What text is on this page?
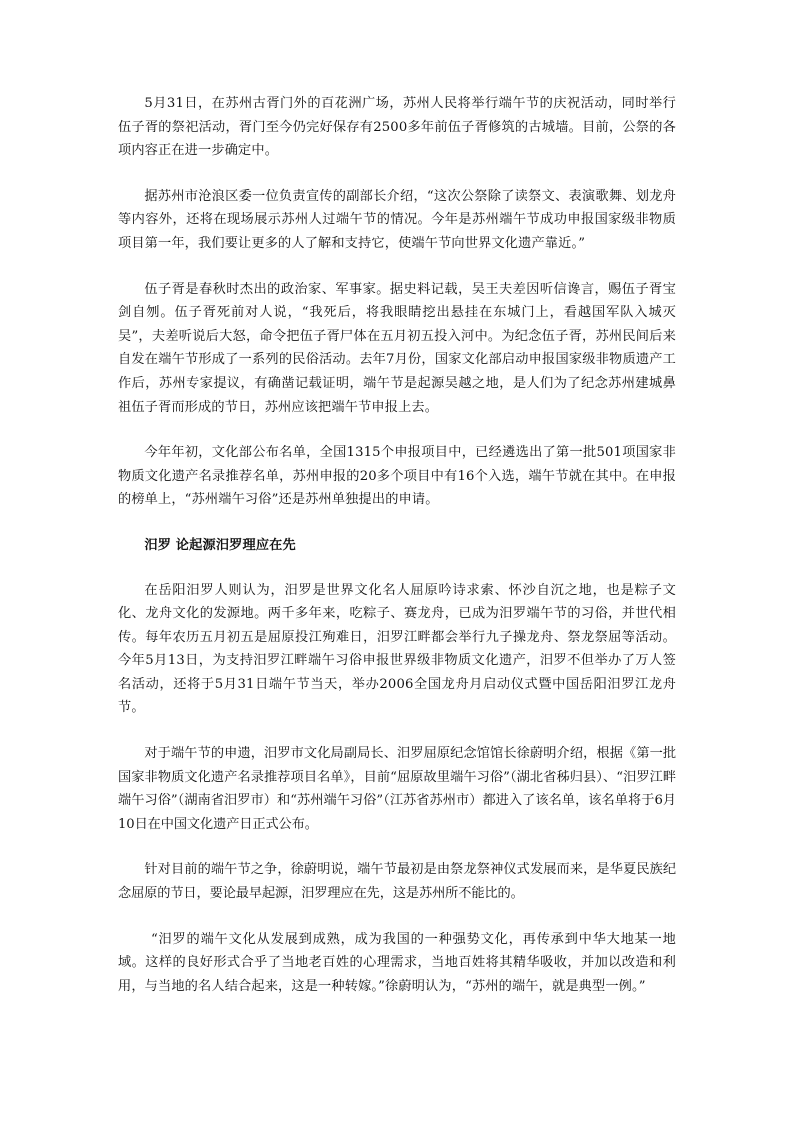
5月31日，在苏州古胥门外的百花洲广场，苏州人民将举行端午节的庆祝活动，同时举行伍子胥的祭祀活动，胥门至今仍完好保存有2500多年前伍子胥修筑的古城墙。目前，公祭的各项内容正在进一步确定中。

据苏州市沧浪区委一位负责宣传的副部长介绍，“这次公祭除了读祭文、表演歌舞、划龙舟等内容外，还将在现场展示苏州人过端午节的情况。今年是苏州端午节成功申报国家级非物质项目第一年，我们要让更多的人了解和支持它，使端午节向世界文化遗产靠近。”

伍子胥是春秋时杰出的政治家、军事家。据史料记载，吴王夫差因听信谗言，赐伍子胥宝剑自刎。伍子胥死前对人说，“我死后，将我眼睛挖出悬挂在东城门上，看越国军队入城灭吴”，夫差听说后大怒，命令把伍子胥尸体在五月初五投入河中。为纪念伍子胥，苏州民间后来自发在端午节形成了一系列的民俗活动。去年7月份，国家文化部启动申报国家级非物质遗产工作后，苏州专家提议，有确凿记载证明，端午节是起源吴越之地，是人们为了纪念苏州建城鼻祖伍子胥而形成的节日，苏州应该把端午节申报上去。

今年年初，文化部公布名单，全国1315个申报项目中，已经遴选出了第一批501项国家非物质文化遗产名录推荐名单，苏州申报的20多个项目中有16个入选，端午节就在其中。在申报的榜单上，“苏州端午习俗”还是苏州单独提出的申请。

汨罗 论起源汨罗理应在先

在岳阳汨罗人则认为，汨罗是世界文化名人屈原吟诗求索、怀沙自沉之地，也是粽子文化、龙舟文化的发源地。两千多年来，吃粽子、赛龙舟，已成为汨罗端午节的习俗，并世代相传。每年农历五月初五是屈原投江殉难日，汨罗江畔都会举行九子操龙舟、祭龙祭屈等活动。今年5月13日，为支持汨罗江畔端午习俗申报世界级非物质文化遗产，汨罗不但举办了万人签名活动，还将于5月31日端午节当天，举办2006全国龙舟月启动仪式暨中国岳阳汨罗江龙舟节。

对于端午节的申遗，汨罗市文化局副局长、汨罗屈原纪念馆馆长徐蔚明介绍，根据《第一批国家非物质文化遗产名录推荐项目名单》，目前“屈原故里端午习俗”（湖北省秭归县）、“汨罗江畔端午习俗”（湖南省汨罗市）和“苏州端午习俗”（江苏省苏州市）都进入了该名单，该名单将于6月10日在中国文化遗产日正式公布。

针对目前的端午节之争，徐蔚明说，端午节最初是由祭龙祭神仪式发展而来，是华夏民族纪念屈原的节日，要论最早起源，汨罗理应在先，这是苏州所不能比的。

“汨罗的端午文化从发展到成熟，成为我国的一种强势文化，再传承到中华大地某一地域。这样的良好形式合乎了当地老百姓的心理需求，当地百姓将其精华吸收，并加以改造和利用，与当地的名人结合起来，这是一种转嫁。”徐蔚明认为，“苏州的端午，就是典型一例。”
